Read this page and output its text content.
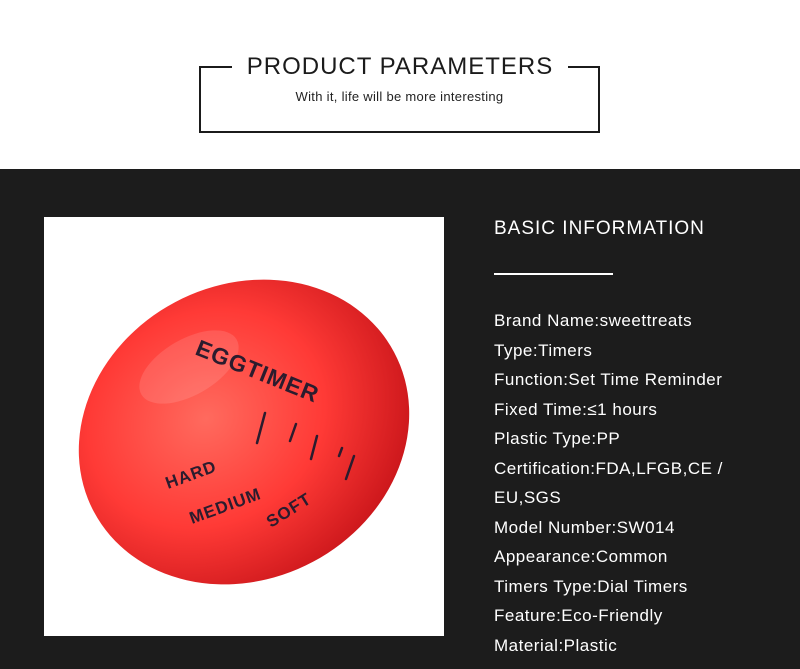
PRODUCT PARAMETERS
With it, life will be more interesting
EGGTIMER
HARD
MEDIUM SOFT
BASIC INFORMATION
Brand Name:sweettreats
Type:Timers
Function:Set Time Reminder
Fixed Time:≤1 hours
Plastic Type:PP
Certification:FDA,LFGB,CE /
EU,SGS
Model Number:SW014
Appearance:Common
Timers Type:Dial Timers
Feature:Eco-Friendly
Material:Plastic
